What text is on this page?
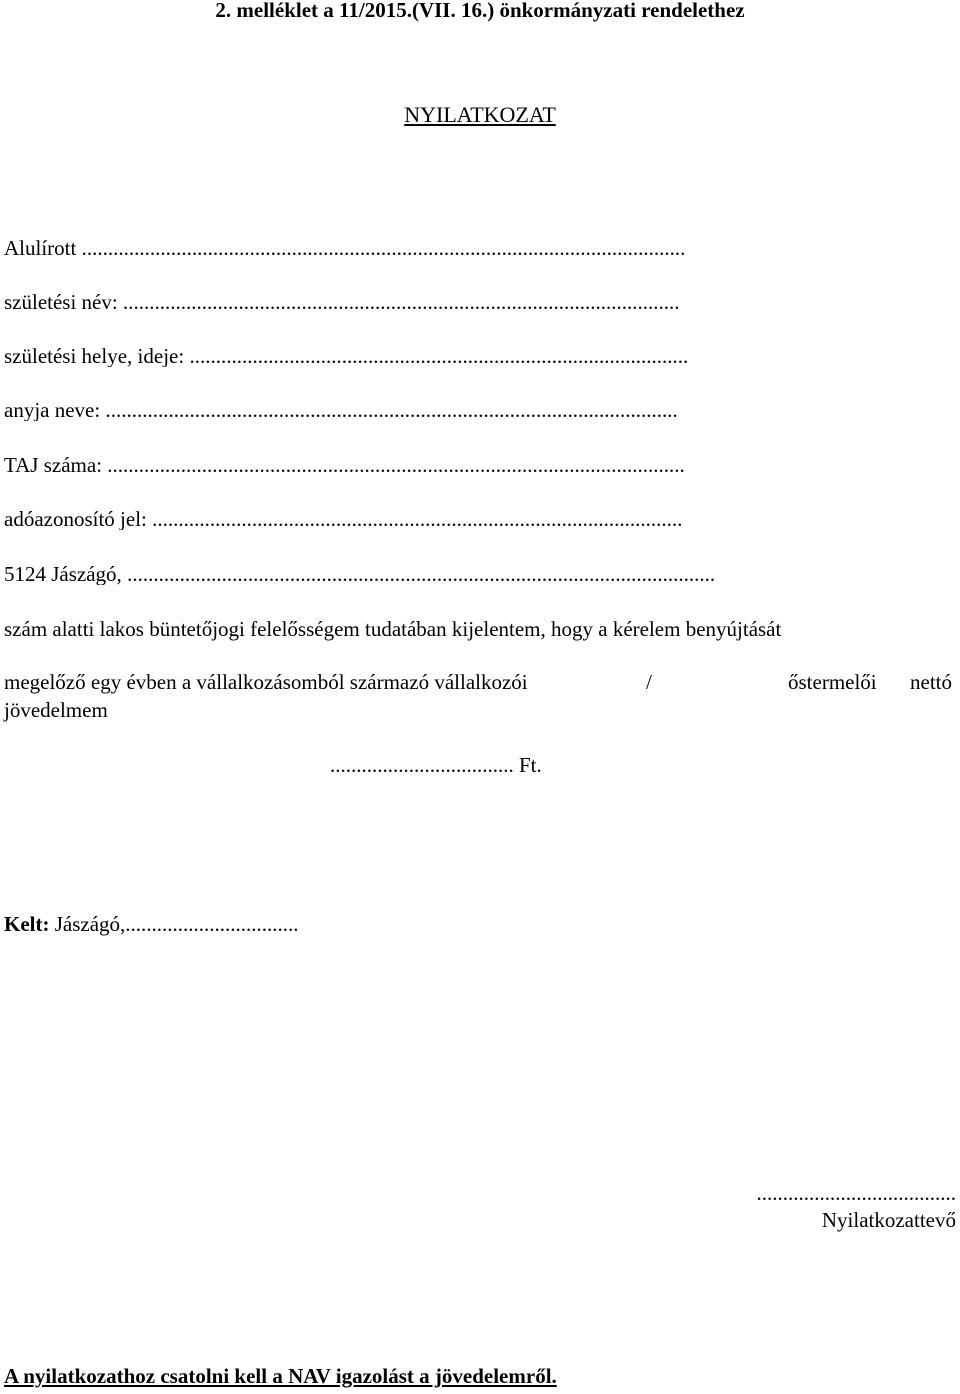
2. melléklet a 11/2015.(VII. 16.) önkormányzati rendelethez
NYILATKOZAT
Alulírott ...................................................................................................................
születési név: ..........................................................................................................
születési helye, ideje: ...............................................................................................
anyja neve: .............................................................................................................
TAJ száma: ..............................................................................................................
adóazonosító jel: .....................................................................................................
5124 Jászágó, ................................................................................................................
szám alatti lakos büntetőjogi felelősségem tudatában kijelentem, hogy a kérelem benyújtását
megelőző egy évben a vállalkozásomból származó vállalkozói	/	őstermelői nettó
jövedelmem
................................... Ft.
Kelt: Jászágó,.................................
......................................
Nyilatkozattevő
A nyilatkozathoz csatolni kell a NAV igazolást a jövedelemről.
